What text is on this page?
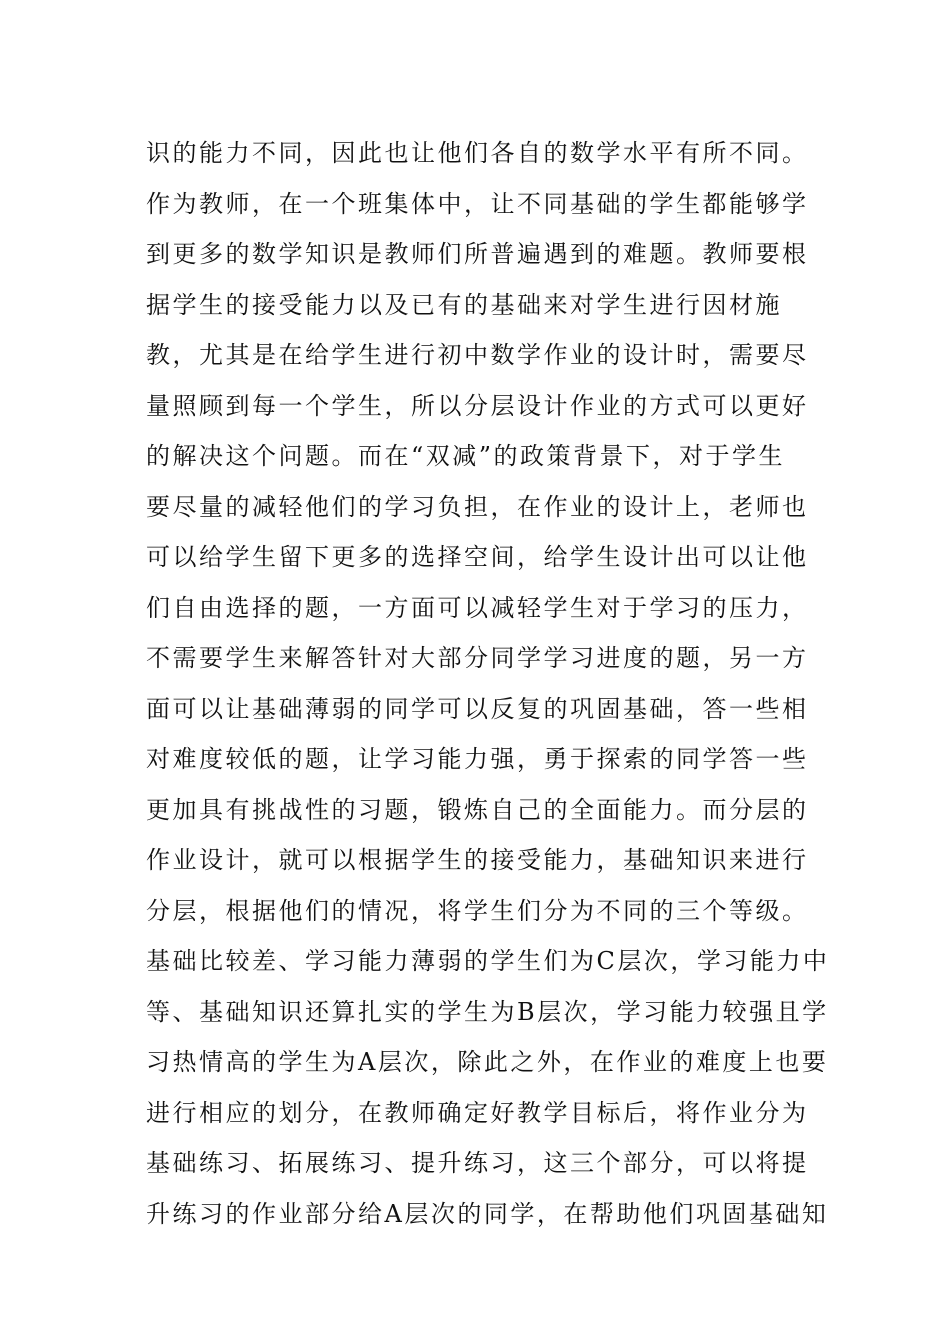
识的能力不同，因此也让他们各自的数学水平有所不同。
作为教师，在一个班集体中，让不同基础的学生都能够学
到更多的数学知识是教师们所普遍遇到的难题。教师要根
据学生的接受能力以及已有的基础来对学生进行因材施
教，尤其是在给学生进行初中数学作业的设计时，需要尽
量照顾到每一个学生，所以分层设计作业的方式可以更好
的解决这个问题。而在“双减”的政策背景下，对于学生
要尽量的减轻他们的学习负担，在作业的设计上，老师也
可以给学生留下更多的选择空间，给学生设计出可以让他
们自由选择的题，一方面可以减轻学生对于学习的压力，
不需要学生来解答针对大部分同学学习进度的题，另一方
面可以让基础薄弱的同学可以反复的巩固基础，答一些相
对难度较低的题，让学习能力强，勇于探索的同学答一些
更加具有挑战性的习题，锻炼自己的全面能力。而分层的
作业设计，就可以根据学生的接受能力，基础知识来进行
分层，根据他们的情况，将学生们分为不同的三个等级。
基础比较差、学习能力薄弱的学生们为C层次，学习能力中
等、基础知识还算扎实的学生为B层次，学习能力较强且学
习热情高的学生为A层次，除此之外，在作业的难度上也要
进行相应的划分，在教师确定好教学目标后，将作业分为
基础练习、拓展练习、提升练习，这三个部分，可以将提
升练习的作业部分给A层次的同学，在帮助他们巩固基础知
